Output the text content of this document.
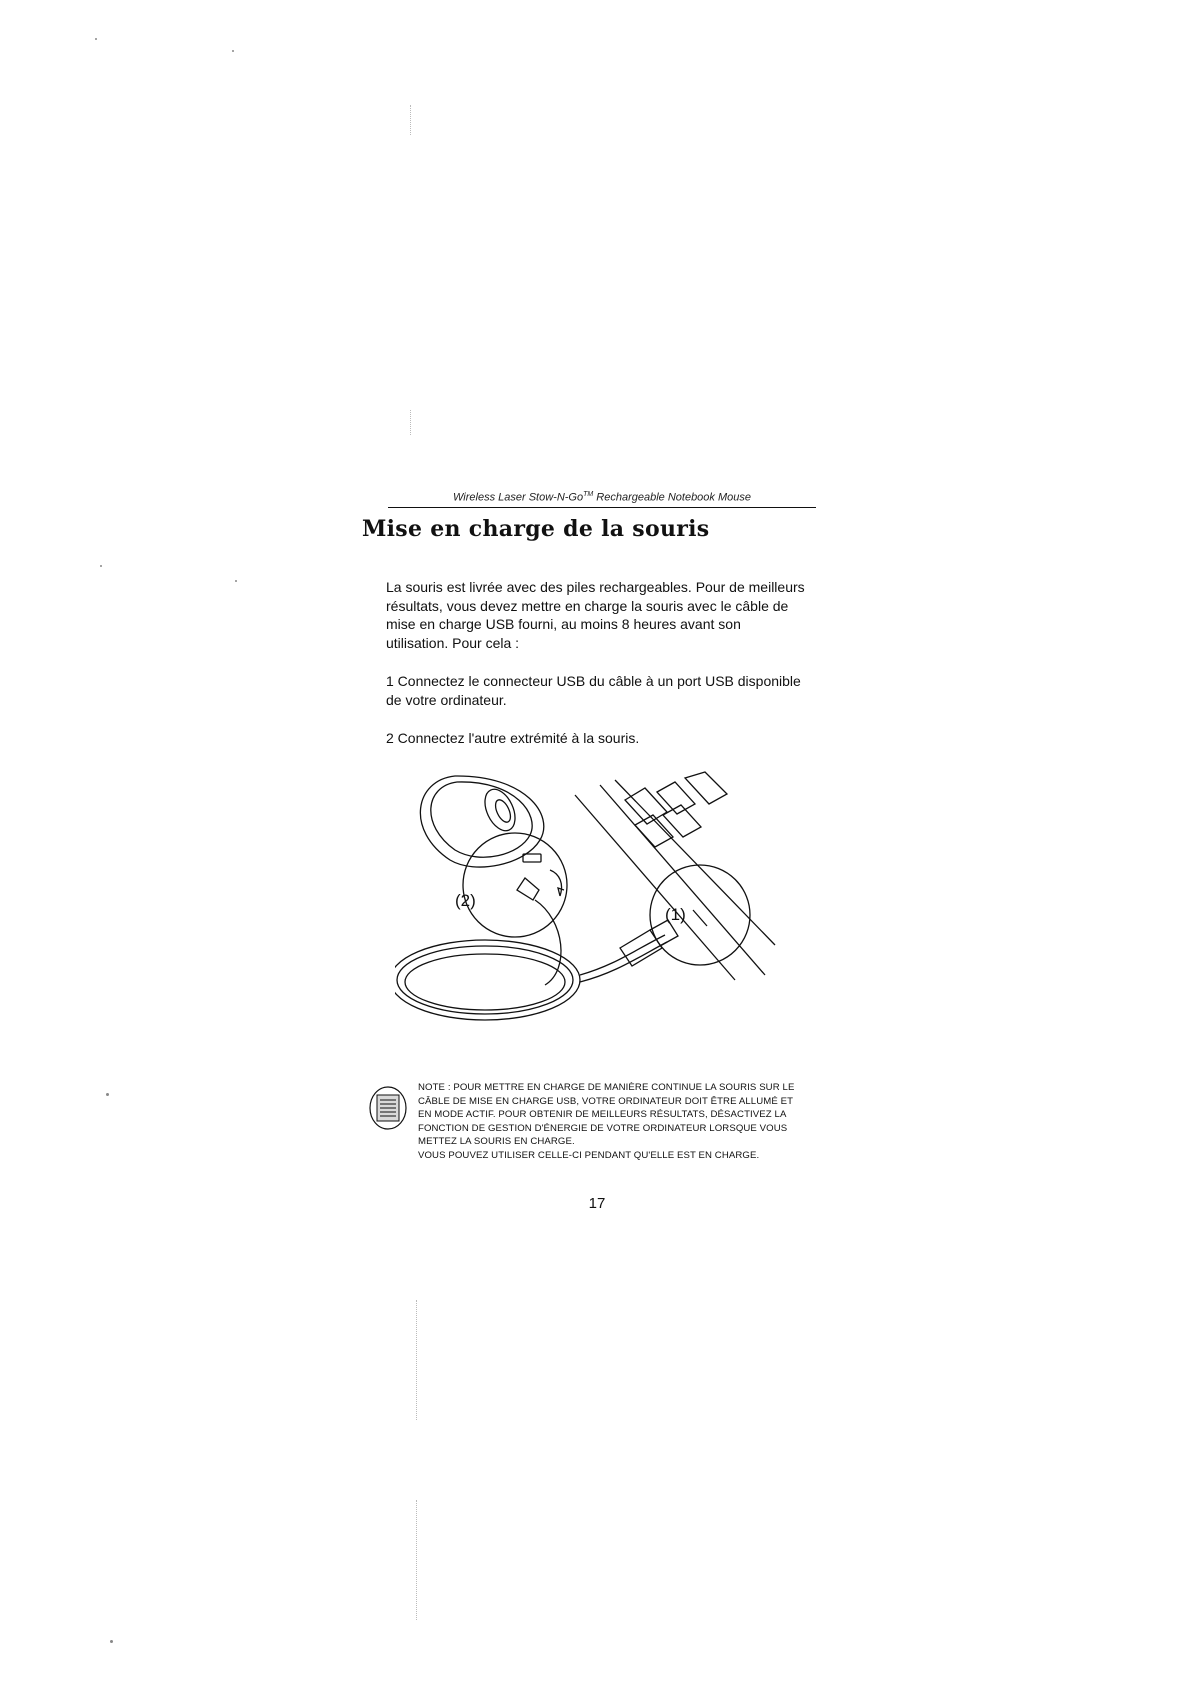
Wireless Laser Stow-N-Go™ Rechargeable Notebook Mouse
Mise en charge de la souris
La souris est livrée avec des piles rechargeables. Pour de meilleurs résultats, vous devez mettre en charge la souris avec le câble de mise en charge USB fourni, au moins 8 heures avant son utilisation. Pour cela :
1 Connectez le connecteur USB du câble à un port USB disponible de votre ordinateur.
2 Connectez l'autre extrémité à la souris.
(2)
(1)
NOTE : POUR METTRE EN CHARGE DE MANIÈRE CONTINUE LA SOURIS SUR LE CÂBLE DE MISE EN CHARGE USB, VOTRE ORDINATEUR DOIT ÊTRE ALLUMÉ ET EN MODE ACTIF. POUR OBTENIR DE MEILLEURS RÉSULTATS, DÉSACTIVEZ LA FONCTION DE GESTION D'ÉNERGIE DE VOTRE ORDINATEUR LORSQUE VOUS METTEZ LA SOURIS EN CHARGE.
VOUS POUVEZ UTILISER CELLE-CI PENDANT QU'ELLE EST EN CHARGE.
17
